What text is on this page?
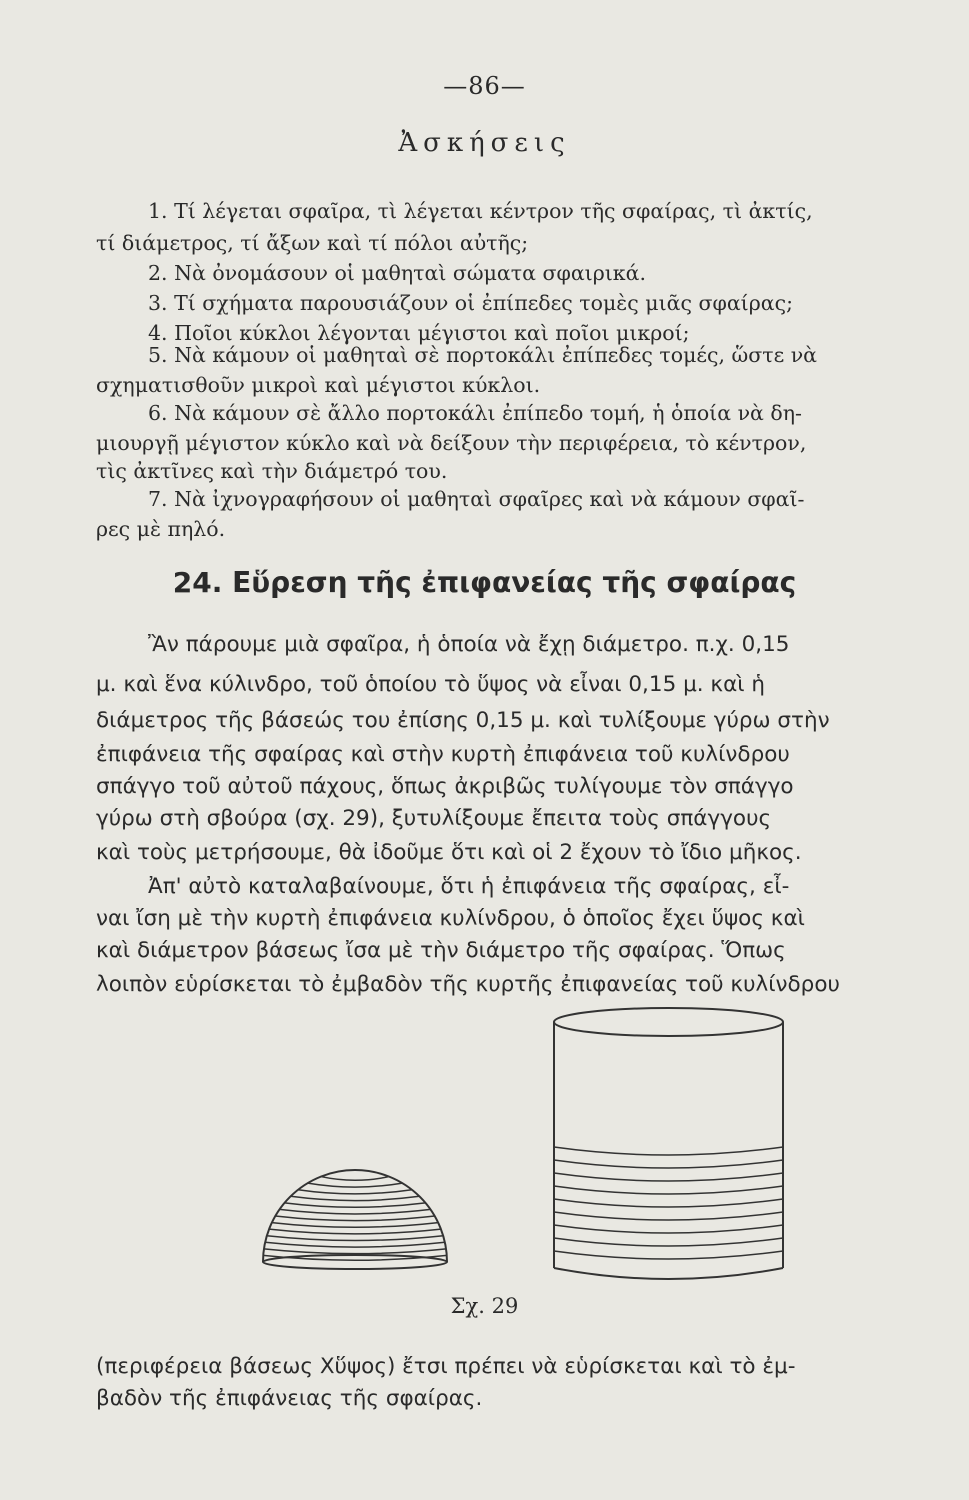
—86—
Ἀσκήσεις
1. Τί λέγεται σφαῖρα, τὶ λέγεται κέντρον τῆς σφαίρας, τὶ ἀκτίς,
τί διάμετρος, τί ἄξων καὶ τί πόλοι αὐτῆς;
2. Νὰ ὀνομάσουν οἱ μαθηταὶ σώματα σφαιρικά.
3. Τί σχήματα παρουσιάζουν οἱ ἐπίπεδες τομὲς μιᾶς σφαίρας;
4. Ποῖοι κύκλοι λέγονται μέγιστοι καὶ ποῖοι μικροί;
5. Νὰ κάμουν οἱ μαθηταὶ σὲ πορτοκάλι ἐπίπεδες τομές, ὥστε νὰ
σχηματισθοῦν μικροὶ καὶ μέγιστοι κύκλοι.
6. Νὰ κάμουν σὲ ἄλλο πορτοκάλι ἐπίπεδο τομή, ἡ ὁποία νὰ δη-
μιουργῇ μέγιστον κύκλο καὶ νὰ δείξουν τὴν περιφέρεια, τὸ κέντρον,
τὶς ἀκτῖνες καὶ τὴν διάμετρό του.
7. Νὰ ἰχνογραφήσουν οἱ μαθηταὶ σφαῖρες καὶ νὰ κάμουν σφαῖ-
ρες μὲ πηλό.
24. Εὕρεση τῆς ἐπιφανείας τῆς σφαίρας
Ἂν πάρουμε μιὰ σφαῖρα, ἡ ὁποία νὰ ἔχῃ διάμετρο. π.χ. 0,15
μ. καὶ ἕνα κύλινδρο, τοῦ ὁποίου τὸ ὕψος νὰ εἶναι 0,15 μ. καὶ ἡ
διάμετρος τῆς βάσεώς του ἐπίσης 0,15 μ. καὶ τυλίξουμε γύρω στὴν
ἐπιφάνεια τῆς σφαίρας καὶ στὴν κυρτὴ ἐπιφάνεια τοῦ κυλίνδρου
σπάγγο τοῦ αὐτοῦ πάχους, ὅπως ἀκριβῶς τυλίγουμε τὸν σπάγγο
γύρω στὴ σβούρα (σχ. 29), ξυτυλίξουμε ἔπειτα τοὺς σπάγγους
καὶ τοὺς μετρήσουμε, θὰ ἰδοῦμε ὅτι καὶ οἱ 2 ἔχουν τὸ ἴδιο μῆκος.
Ἀπ' αὐτὸ καταλαβαίνουμε, ὅτι ἡ ἐπιφάνεια τῆς σφαίρας, εἶ-
ναι ἴση μὲ τὴν κυρτὴ ἐπιφάνεια κυλίνδρου, ὁ ὁποῖος ἔχει ὕψος καὶ
καὶ διάμετρον βάσεως ἴσα μὲ τὴν διάμετρο τῆς σφαίρας. Ὅπως
λοιπὸν εὑρίσκεται τὸ ἐμβαδὸν τῆς κυρτῆς ἐπιφανείας τοῦ κυλίνδρου
Σχ. 29
(περιφέρεια βάσεως Χὕψος) ἔτσι πρέπει νὰ εὑρίσκεται καὶ τὸ ἐμ-
βαδὸν τῆς ἐπιφάνειας τῆς σφαίρας.
